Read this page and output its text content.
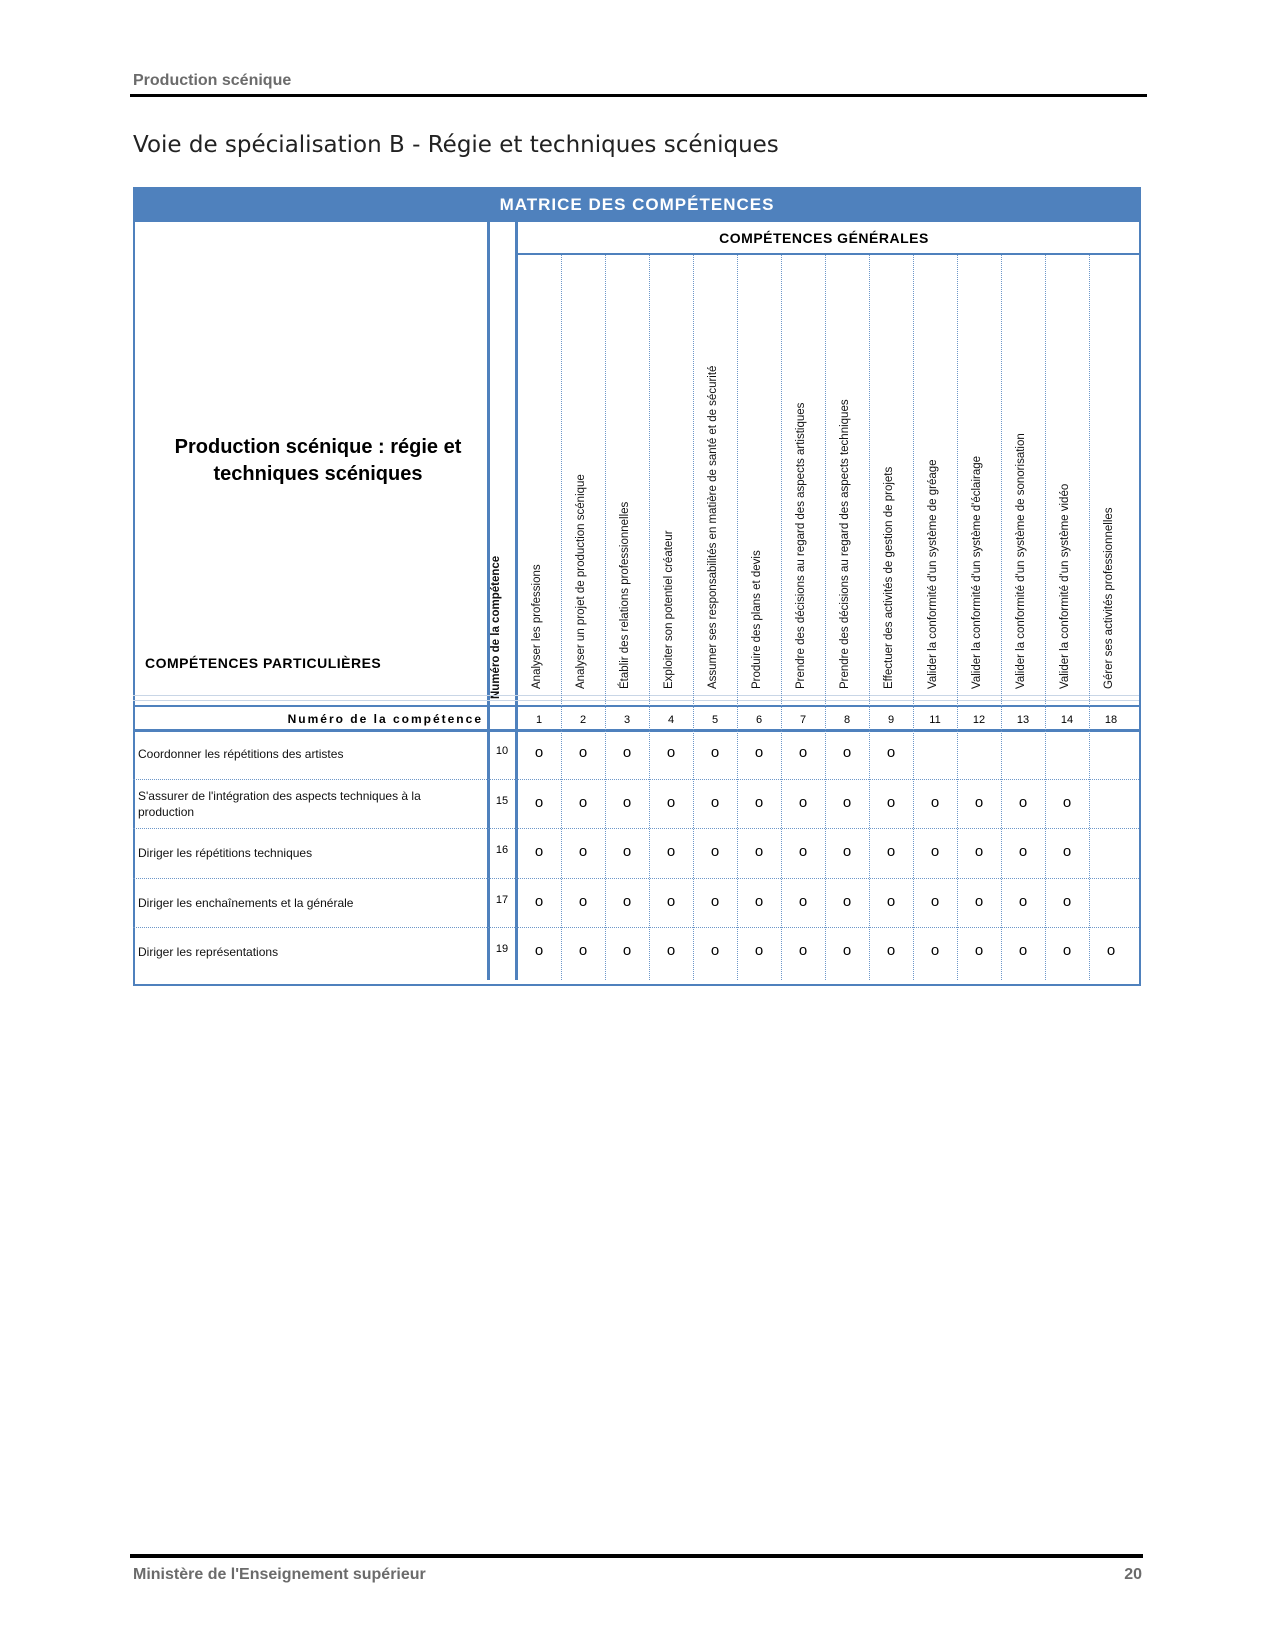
Production scénique
Voie de spécialisation B - Régie et techniques scéniques
MATRICE DES COMPÉTENCES
COMPÉTENCES GÉNÉRALES
Production scénique : régie et techniques scéniques
COMPÉTENCES PARTICULIÈRES	Numéro de la compétence
Numéro de la compétence
Analyser les professions
1
Analyser un projet de production scénique
2
Établir des relations professionnelles
3
Exploiter son potentiel créateur
4
Assumer ses responsabilités en matière de santé et de sécurité
5
Produire des plans et devis
6
Prendre des décisions au regard des aspects artistiques
7
Prendre des décisions au regard des aspects techniques
8
Effectuer des activités de gestion de projets
9
Valider la conformité d'un système de gréage
11
Valider la conformité d'un système d'éclairage
12
Valider la conformité d'un système de sonorisation
13
Valider la conformité d'un système vidéo
14
Gérer ses activités professionnelles
18
Coordonner les répétitions des artistes	10	o	o	o	o	o	o	o	o	o
S'assurer de l'intégration des aspects techniques à la production
15	o	o	o	o	o	o	o	o	o	o	o	o	o
Diriger les répétitions techniques	16	o	o	o	o	o	o	o	o	o	o	o	o	o
Diriger les enchaînements et la générale	17	o	o	o	o	o	o	o	o	o	o	o	o	o
Diriger les représentations	19	o	o	o	o	o	o	o	o	o	o	o	o	o	o
Ministère de l'Enseignement supérieur	20
